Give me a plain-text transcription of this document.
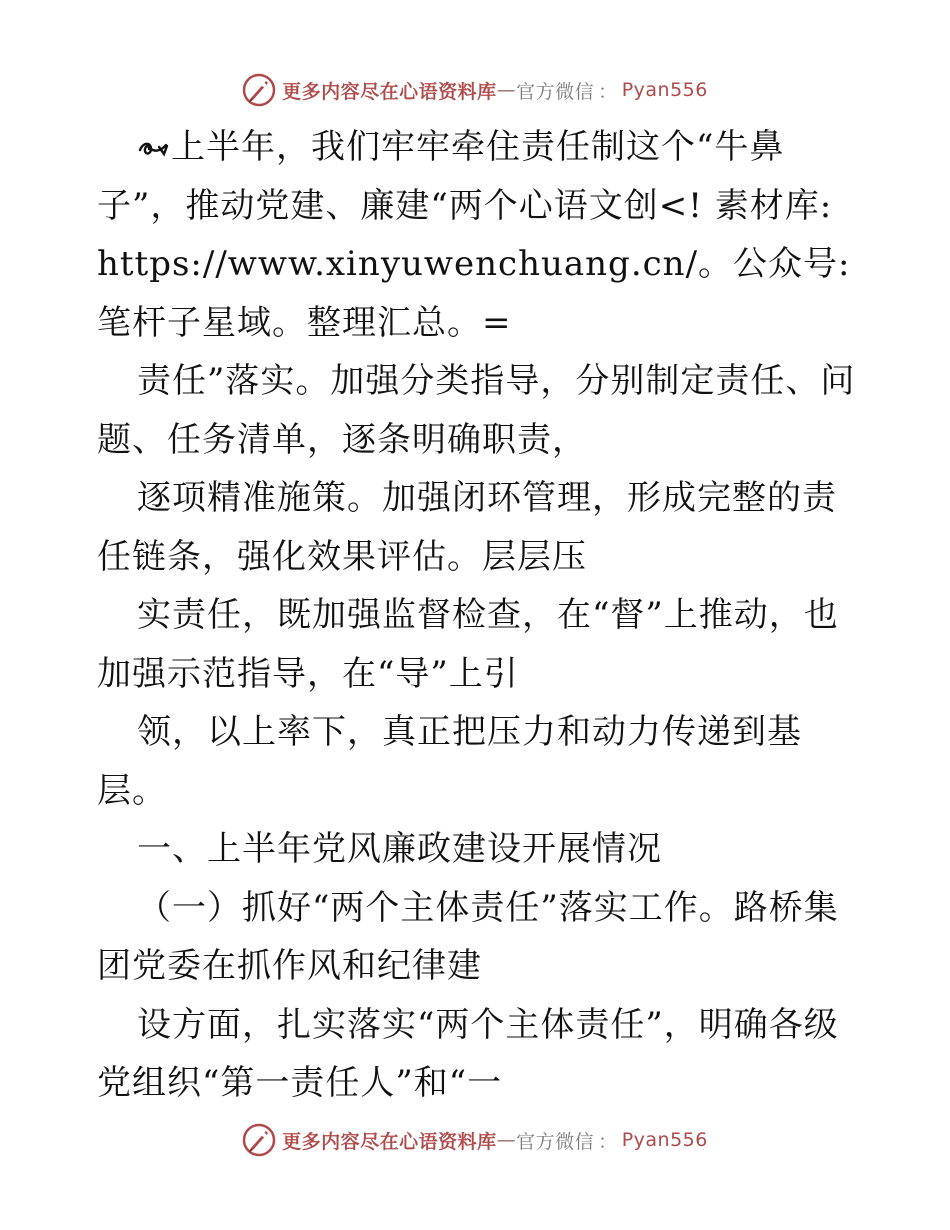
更多内容尽在心语资料库 — 官方微信 ： Pyan556

上半年，我们牢牢牵住责任制这个“牛鼻子”，推动党建、廉建“两个心语文创<! 素材库: https://www.xinyuwenchuang.cn/。公众号:笔杆子星域。整理汇总。=

责任”落实。加强分类指导，分别制定责任、问题、任务清单，逐条明确职责，

逐项精准施策。加强闭环管理，形成完整的责任链条，强化效果评估。层层压

实责任，既加强监督检查，在“督”上推动，也加强示范指导，在“导”上引

领，以上率下，真正把压力和动力传递到基层。

一、上半年党风廉政建设开展情况

（一）抓好“两个主体责任”落实工作。路桥集团党委在抓作风和纪律建

设方面，扎实落实“两个主体责任”，明确各级党组织“第一责任人”和“一

更多内容尽在心语资料库 — 官方微信 ： Pyan556
